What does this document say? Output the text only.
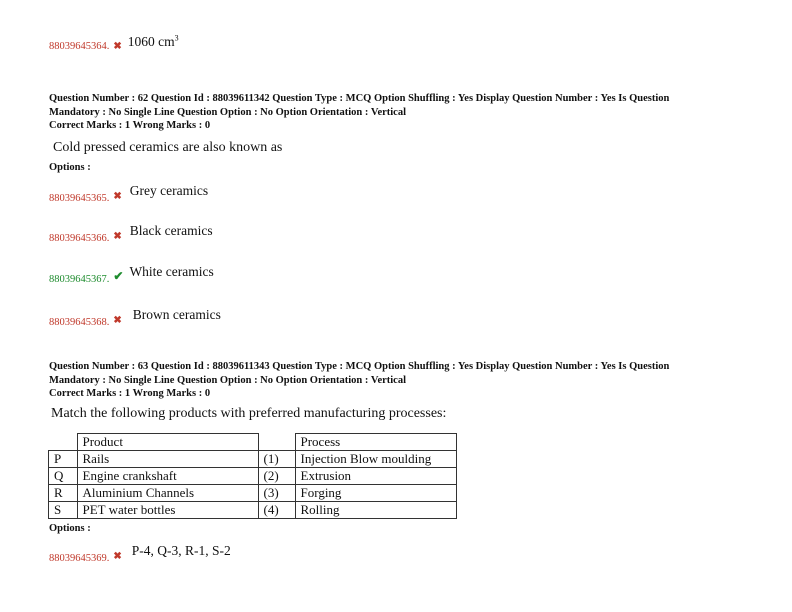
88039645364. ✖ 1060 $cm^3$
Question Number : 62 Question Id : 88039611342 Question Type : MCQ Option Shuffling : Yes Display Question Number : Yes Is Question
Mandatory : No Single Line Question Option : No Option Orientation : Vertical
Correct Marks : 1 Wrong Marks : 0
Cold pressed ceramics are also known as
Options :
$_{88039645365.}$ ✖ Grey ceramics
$_{88039645366.}$ ✖ Black ceramics
$_{88039645367.}$ ✔ White ceramics
$_{88039645368.}$ ✖ Brown ceramics
Question Number : 63 Question Id : 88039611343 Question Type : MCQ Option Shuffling : Yes Display Question Number : Yes Is Question
Mandatory : No Single Line Question Option : No Option Orientation : Vertical
Correct Marks : 1 Wrong Marks : 0
Match the following products with preferred manufacturing processes:
	Product		Process
P	Rails	(1)	Injection Blow moulding
Q	Engine crankshaft	(2)	Extrusion
R	Aluminium Channels	(3)	Forging
S	PET water bottles	(4)	Rolling
Options :
$_{88039645369.}$ ✖ P-4, Q-3, R-1, S-2
